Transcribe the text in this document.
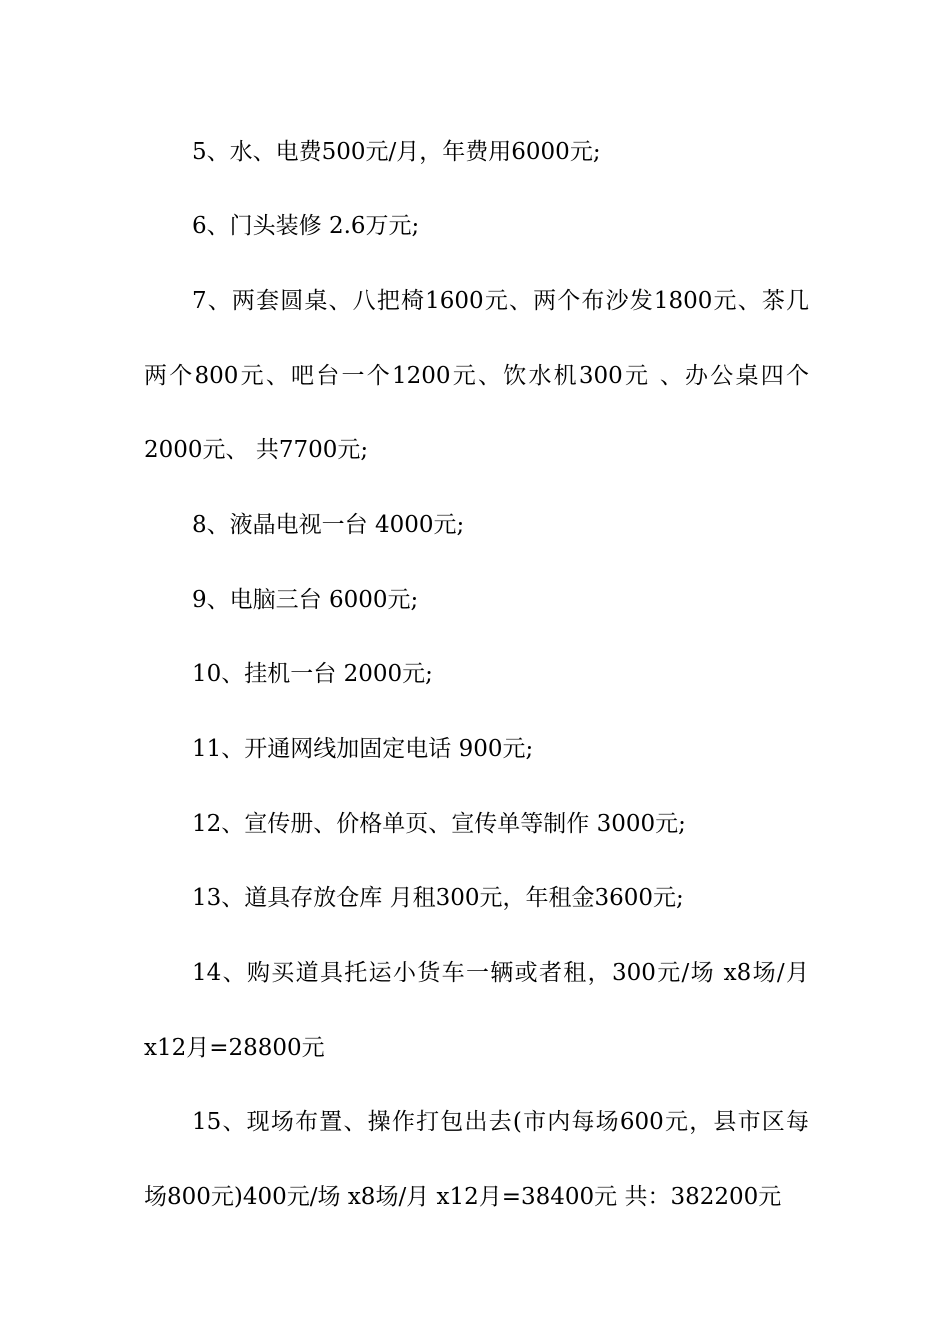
5、水、电费500元/月，年费用6000元;
6、门头装修 2.6万元;
7、两套圆桌、八把椅1600元、两个布沙发1800元、茶几
两个800元、吧台一个1200元、饮水机300元 、办公桌四个
2000元、 共7700元;
8、液晶电视一台 4000元;
9、电脑三台 6000元;
10、挂机一台 2000元;
11、开通网线加固定电话 900元;
12、宣传册、价格单页、宣传单等制作 3000元;
13、道具存放仓库 月租300元，年租金3600元;
14、购买道具托运小货车一辆或者租，300元/场 x8场/月
x12月=28800元
15、现场布置、操作打包出去(市内每场600元，县市区每
场800元)400元/场 x8场/月 x12月=38400元 共：382200元
